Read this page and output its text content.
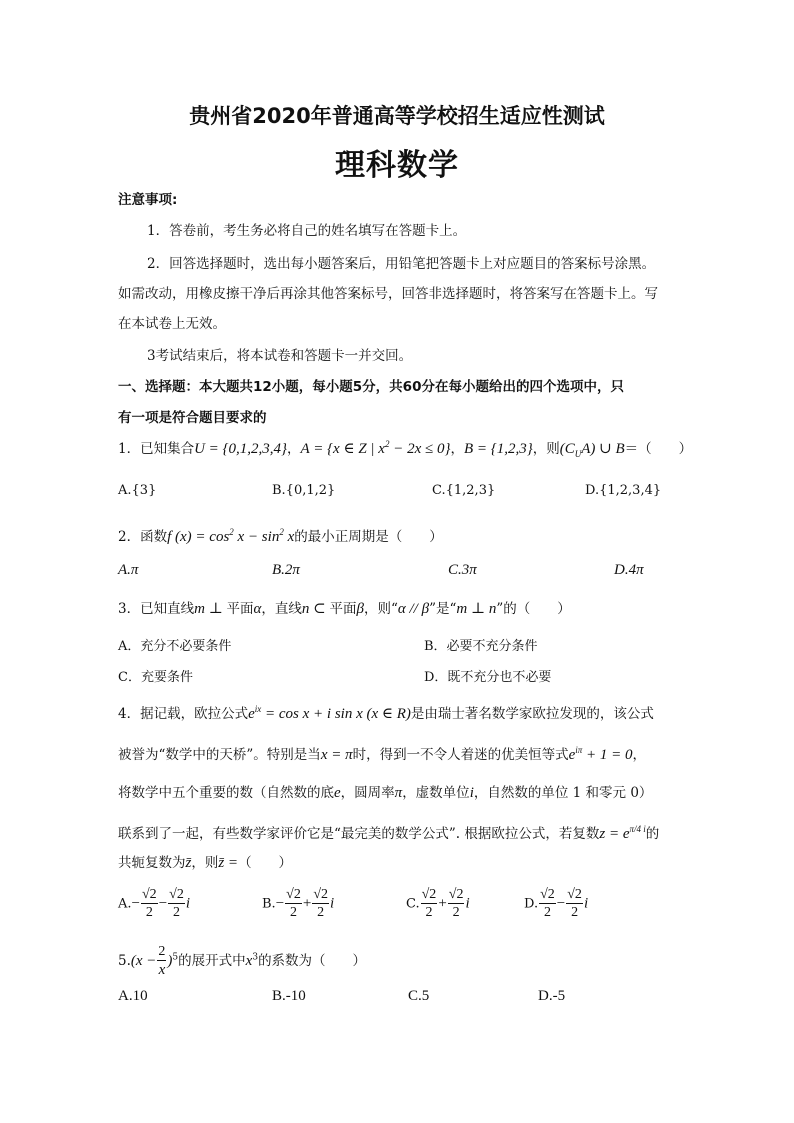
贵州省2020年普通高等学校招生适应性测试
理科数学
注意事项:
1．答卷前，考生务必将自己的姓名填写在答题卡上。
2．回答选择题时，选出每小题答案后，用铅笔把答题卡上对应题目的答案标号涂黑。
如需改动，用橡皮擦干净后再涂其他答案标号，回答非选择题时，将答案写在答题卡上。写
在本试卷上无效。
3考试结束后，将本试卷和答题卡一并交回。
一、选择题：本大题共12小题，每小题5分，共60分在每小题给出的四个选项中，只
有一项是符合题目要求的
1．已知集合U = {0,1,2,3,4}，A = {x ∈ Z | $x^2 - 2x \le 0$}，B = {1,2,3}，则$(C_UA)$ ∪ B＝（　　）
A.{3}	B.{0,1,2}	C.{1,2,3}	D.{1,2,3,4}
2．函数f $(x) = \cos^2 x - \sin^2 x$的最小正周期是（　　）
A.π	B.2π	C.3π	D.4π
3．已知直线m ⊥ 平面α，直线n ⊂ 平面β，则“α // β”是“m ⊥ n”的（　　）
A．充分不必要条件	B．必要不充分条件
C．充要条件	D．既不充分也不必要
4．据记载，欧拉公式$e^{ix} = \cos x + i$ sin x (x ∈ R)是由瑞士著名数学家欧拉发现的，该公式
被誉为“数学中的天桥”。特别是当x = π时，得到一不令人着迷的优美恒等式$e^{i\pi} + 1 = 0$，
将数学中五个重要的数（自然数的底e，圆周率π，虚数单位i，自然数的单位 1 和零元 0）
联系到了一起，有些数学家评价它是“最完美的数学公式”. 根据欧拉公式，若复数$z = e^{\pi/4 i}$的
共轭复数为z̄，则z̄ =（　　）
$A.- \frac{√2}{2} - \frac{√2}{2}$ i	$B.- \frac{√2}{2} + \frac{√2}{2}$ i	C. $\frac{√2}{2} + \frac{√2}{2}$ i	D. $\frac{√2}{2} - \frac{√2}{2}$ i
$5.(x - \frac{2}{x} )^5$的展开式中$x^3$的系数为（　　）
A.10	B.-10	C.5	D.-5
